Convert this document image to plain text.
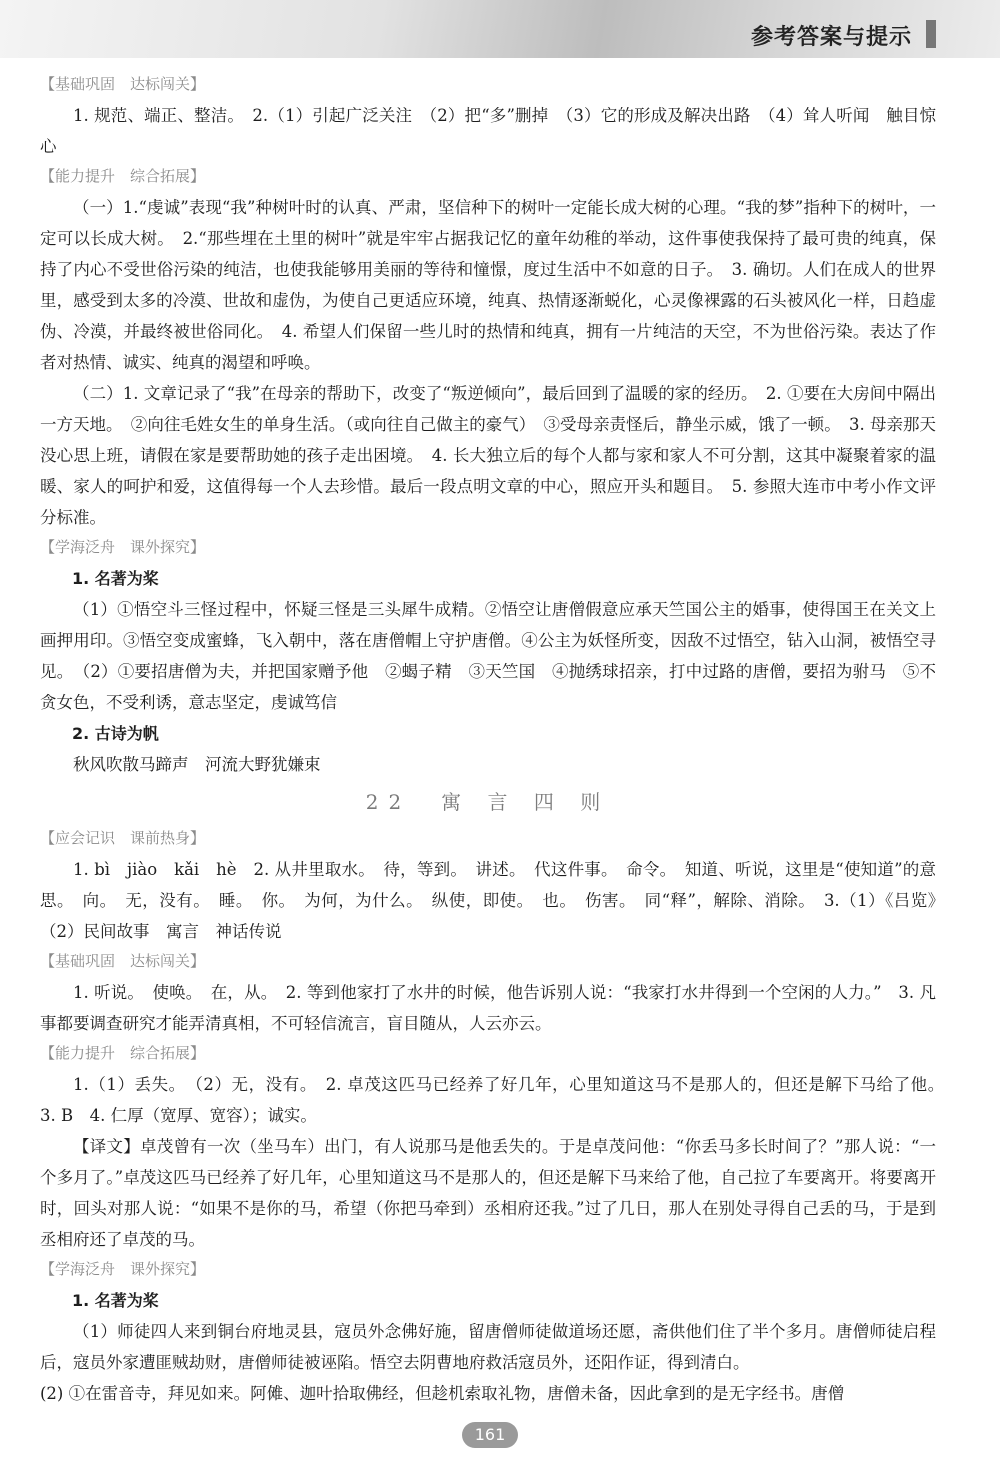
参考答案与提示
【基础巩固　达标闯关】

1. 规范、端正、整洁。　2.（1）引起广泛关注　（2）把“多”删掉　（3）它的形成及解决出路　（4）耸人听闻　触目惊心

【能力提升　综合拓展】

（一）1.“虔诚”表现“我”种树叶时的认真、严肃，坚信种下的树叶一定能长成大树的心理。“我的梦”指种下的树叶，一定可以长成大树。　2.“那些埋在土里的树叶”就是牢牢占据我记忆的童年幼稚的举动，这件事使我保持了最可贵的纯真，保持了内心不受世俗污染的纯洁，也使我能够用美丽的等待和憧憬，度过生活中不如意的日子。　3. 确切。人们在成人的世界里，感受到太多的冷漠、世故和虚伪，为使自己更适应环境，纯真、热情逐渐蜕化，心灵像裸露的石头被风化一样，日趋虚伪、冷漠，并最终被世俗同化。　4. 希望人们保留一些儿时的热情和纯真，拥有一片纯洁的天空，不为世俗污染。表达了作者对热情、诚实、纯真的渴望和呼唤。

（二）1. 文章记录了“我”在母亲的帮助下，改变了“叛逆倾向”，最后回到了温暖的家的经历。　2. ①要在大房间中隔出一方天地。　②向往毛姓女生的单身生活。（或向往自己做主的豪气）　③受母亲责怪后，静坐示威，饿了一顿。　3. 母亲那天没心思上班，请假在家是要帮助她的孩子走出困境。　4. 长大独立后的每个人都与家和家人不可分割，这其中凝聚着家的温暖、家人的呵护和爱，这值得每一个人去珍惜。最后一段点明文章的中心，照应开头和题目。　5. 参照大连市中考小作文评分标准。

【学海泛舟　课外探究】

1. 名著为桨

（1）①悟空斗三怪过程中，怀疑三怪是三头犀牛成精。②悟空让唐僧假意应承天竺国公主的婚事，使得国王在关文上画押用印。③悟空变成蜜蜂，飞入朝中，落在唐僧帽上守护唐僧。④公主为妖怪所变，因敌不过悟空，钻入山洞，被悟空寻见。　（2）①要招唐僧为夫，并把国家赠予他　②蝎子精　③天竺国　④抛绣球招亲，打中过路的唐僧，要招为驸马　⑤不贪女色，不受利诱，意志坚定，虔诚笃信

2. 古诗为帆

秋风吹散马蹄声　河流大野犹嫌束

22　寓 言 四 则
【应会记识　课前热身】

1. bì　jiào　kǎi　hè　2. 从井里取水。　待，等到。　讲述。　代这件事。　命令。　知道、听说，这里是“使知道”的意思。　向。　无，没有。　睡。　你。　为何，为什么。　纵使，即使。　也。　伤害。　同“释”，解除、消除。　3.（1）《吕览》　（2）民间故事　寓言　神话传说

【基础巩固　达标闯关】

1. 听说。　使唤。　在，从。　2. 等到他家打了水井的时候，他告诉别人说：“我家打水井得到一个空闲的人力。”　3. 凡事都要调查研究才能弄清真相，不可轻信流言，盲目随从，人云亦云。

【能力提升　综合拓展】

1.（1）丢失。　（2）无，没有。　2. 卓茂这匹马已经养了好几年，心里知道这马不是那人的，但还是解下马给了他。　3. B　4. 仁厚（宽厚、宽容）；诚实。

【译文】卓茂曾有一次（坐马车）出门，有人说那马是他丢失的。于是卓茂问他：“你丢马多长时间了？”那人说：“一个多月了。”卓茂这匹马已经养了好几年，心里知道这马不是那人的，但还是解下马来给了他，自己拉了车要离开。将要离开时，回头对那人说：“如果不是你的马，希望（你把马牵到）丞相府还我。”过了几日，那人在别处寻得自己丢的马，于是到丞相府还了卓茂的马。

【学海泛舟　课外探究】

1. 名著为桨

（1）师徒四人来到铜台府地灵县，寇员外念佛好施，留唐僧师徒做道场还愿，斋供他们住了半个多月。唐僧师徒启程后，寇员外家遭匪贼劫财，唐僧师徒被诬陷。悟空去阴曹地府救活寇员外，还阳作证，得到清白。

(2) ①在雷音寺，拜见如来。阿傩、迦叶拾取佛经，但趁机索取礼物，唐僧未备，因此拿到的是无字经书。唐僧

161
